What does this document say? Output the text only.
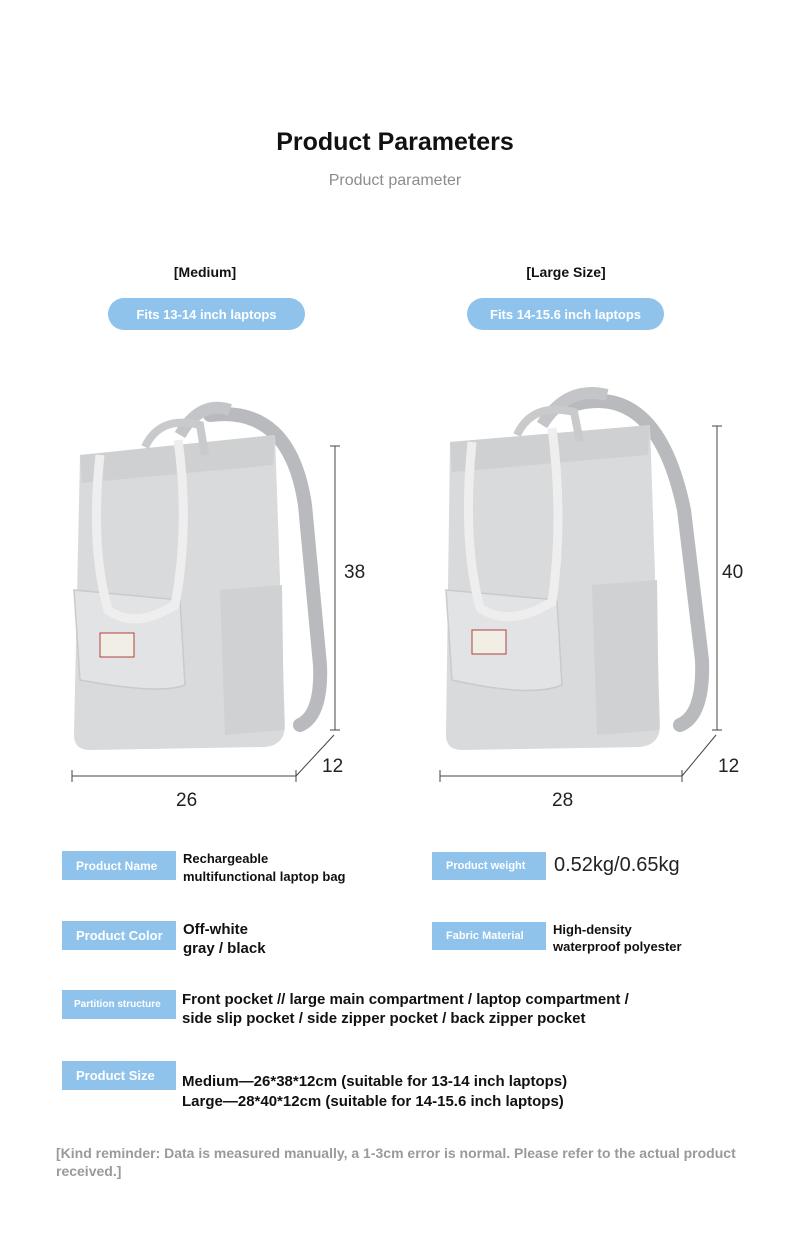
Product Parameters
Product parameter
[Medium]
Fits 13-14 inch laptops
[Large Size]
Fits 14-15.6 inch laptops
38
12
26
40
12
28
Product Name	Rechargeable
multifunctional laptop bag
Product weight	0.52kg/0.65kg
Product Color	Off-white
gray / black
Fabric Material	High-density
waterproof polyester
Partition structure	Front pocket // large main compartment / laptop compartment /
side slip pocket / side zipper pocket / back zipper pocket
Product Size	Medium—26*38*12cm (suitable for 13-14 inch laptops)
Large—28*40*12cm (suitable for 14-15.6 inch laptops)
[Kind reminder: Data is measured manually, a 1-3cm error is normal. Please refer to the actual product received.]
